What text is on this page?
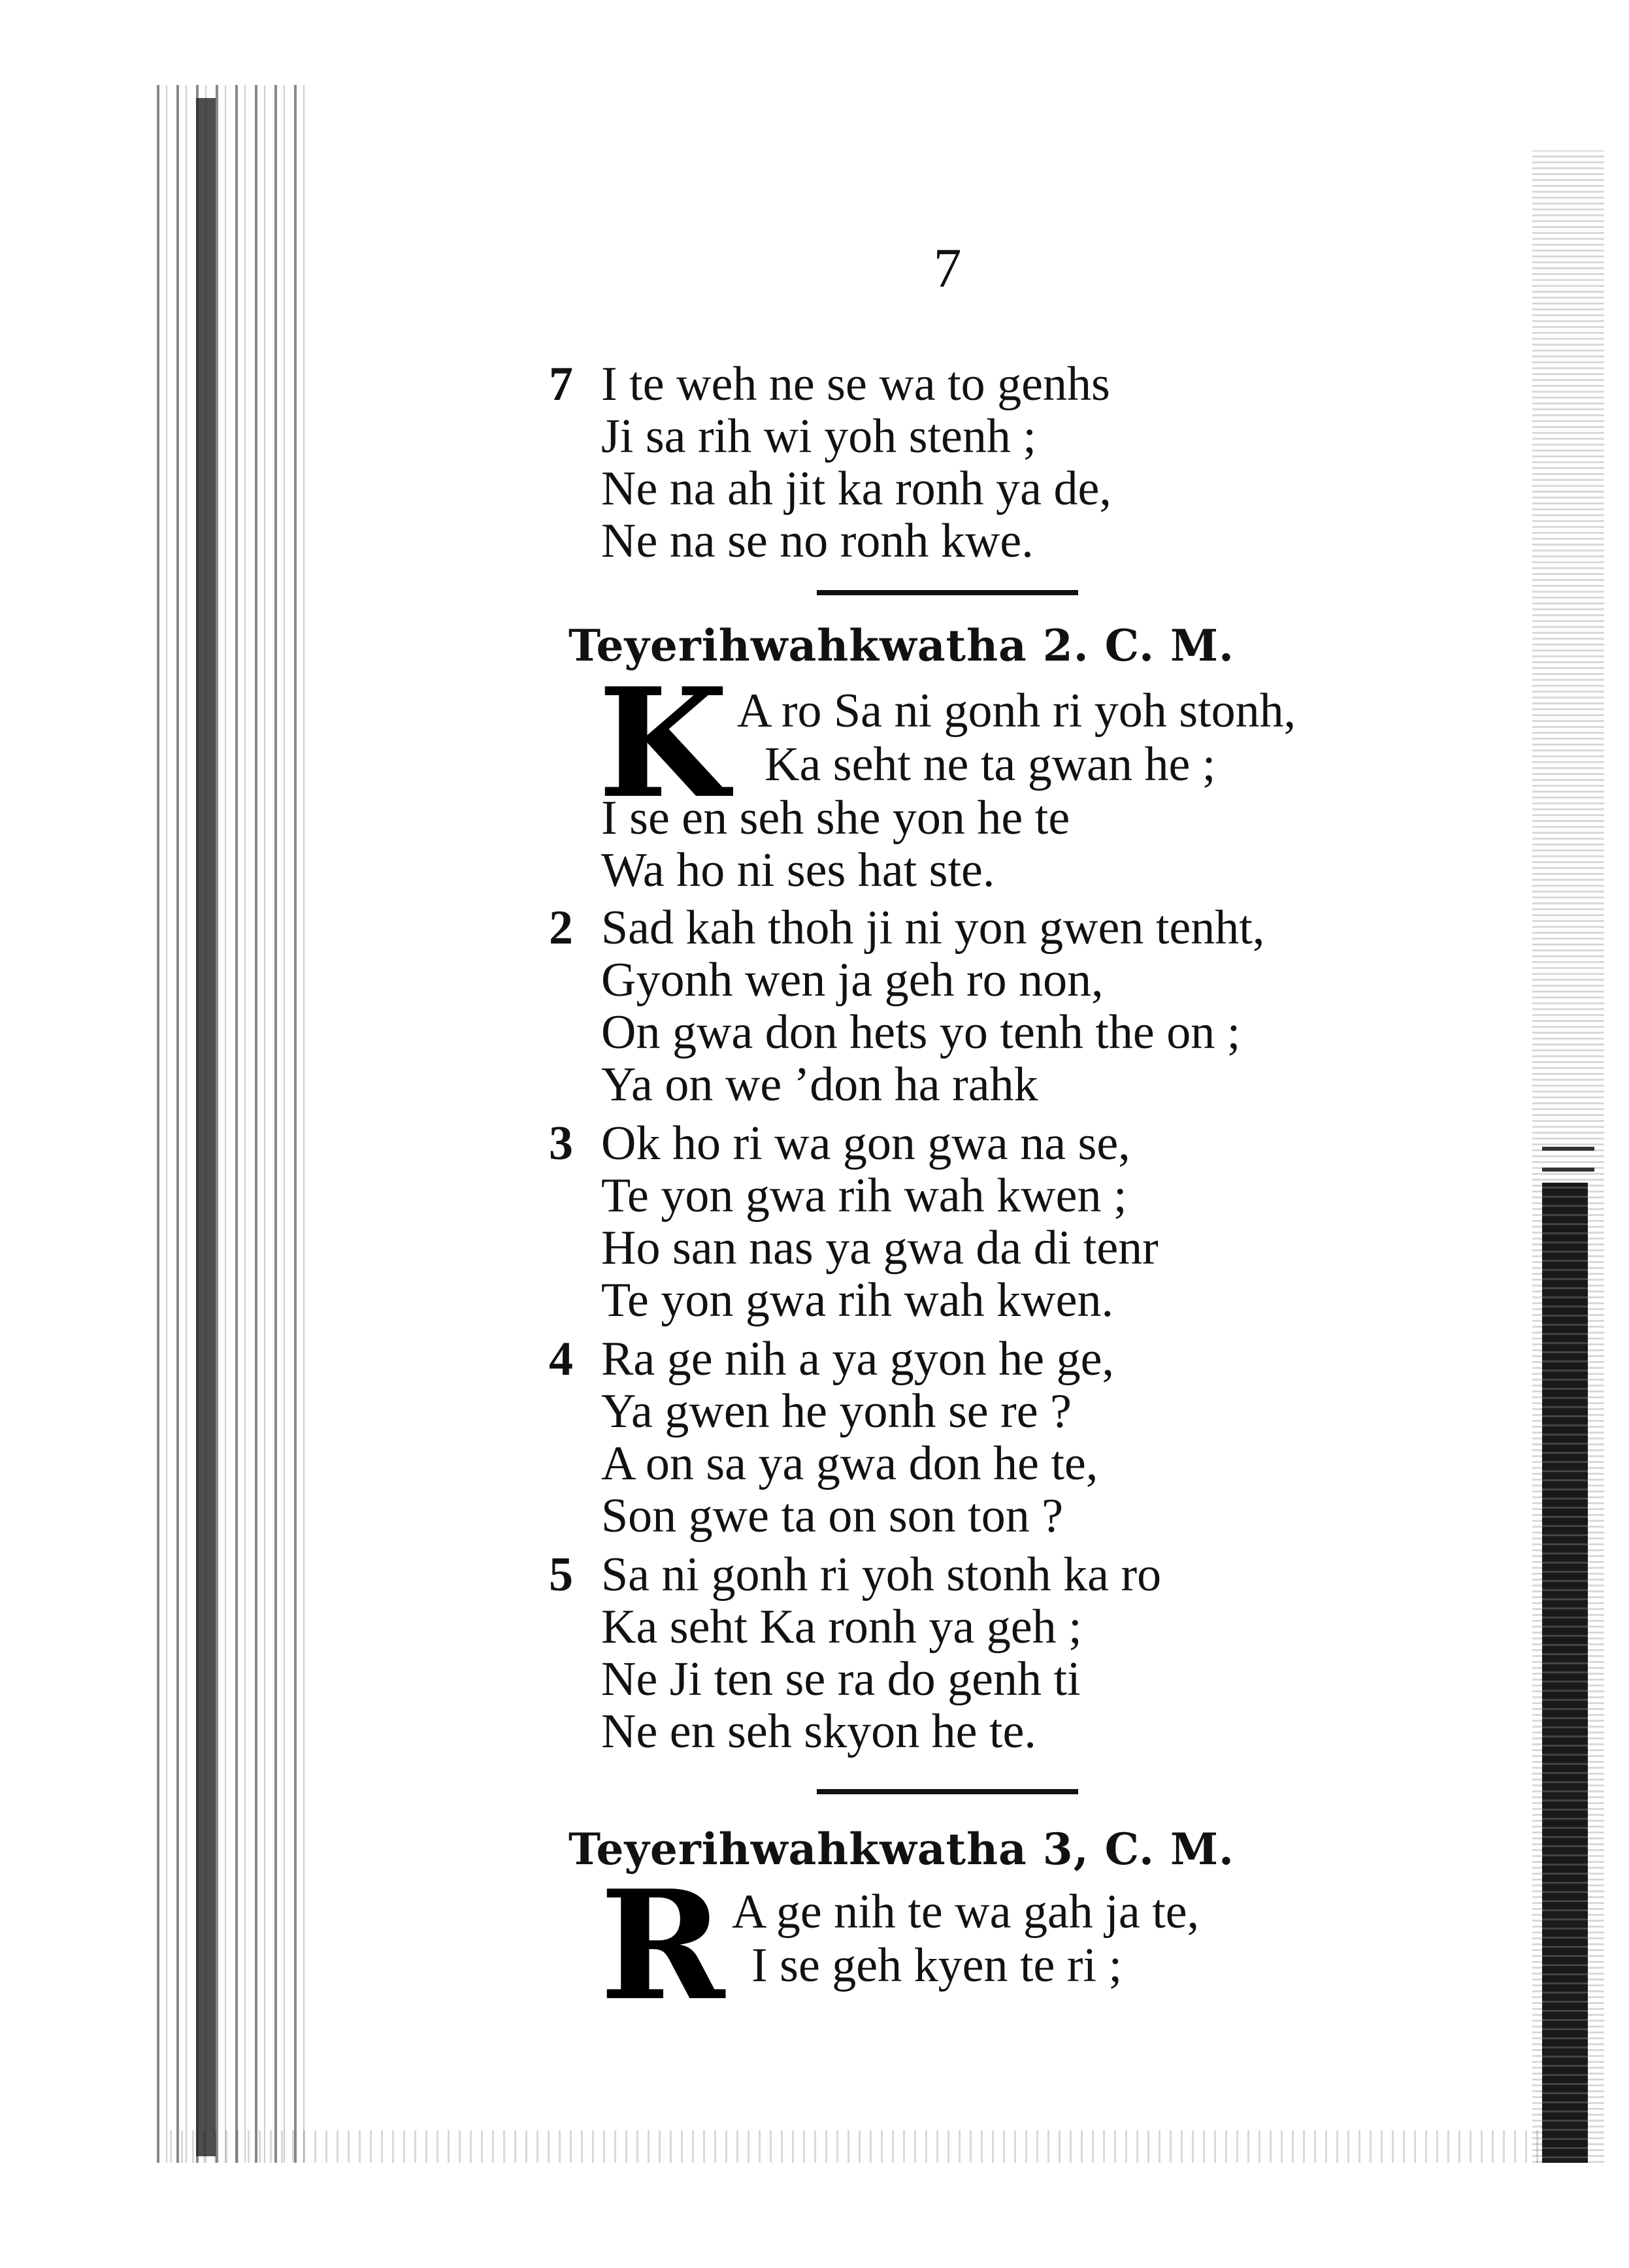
7
7 I te weh ne se wa to genhs
Ji sa rih wi yoh stenh ;
Ne na ah jit ka ronh ya de,
Ne na se no ronh kwe.
Teyerihwahkwatha 2. C. M.
K A ro Sa ni gonh ri yoh stonh,
Ka seht ne ta gwan he ;
I se en seh she yon he te
Wa ho ni ses hat ste.
2 Sad kah thoh ji ni yon gwen tenht,
Gyonh wen ja geh ro non,
On gwa don hets yo tenh the on ;
Ya on we ’don ha rahk
3 Ok ho ri wa gon gwa na se,
Te yon gwa rih wah kwen ;
Ho san nas ya gwa da di tenr
Te yon gwa rih wah kwen.
4 Ra ge nih a ya gyon he ge,
Ya gwen he yonh se re ?
A on sa ya gwa don he te,
Son gwe ta on son ton ?
5 Sa ni gonh ri yoh stonh ka ro
Ka seht Ka ronh ya geh ;
Ne Ji ten se ra do genh ti
Ne en seh skyon he te.
Teyerihwahkwatha 3, C. M.
R A ge nih te wa gah ja te,
I se geh kyen te ri ;
